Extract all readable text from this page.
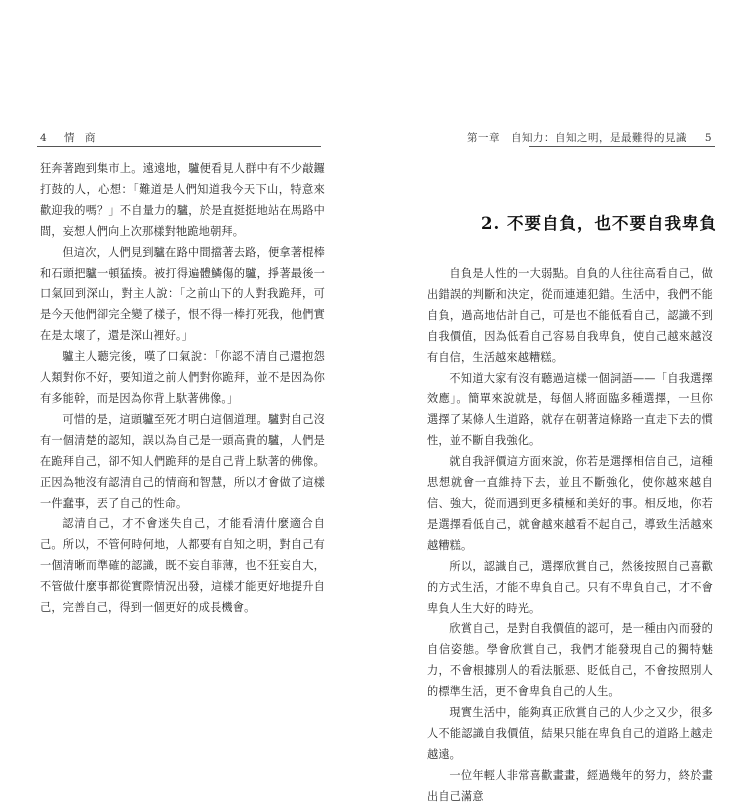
4 情　商

狂奔著跑到集市上。遠遠地，驢便看見人群中有不少敲鑼打鼓的人，心想：「難道是人們知道我今天下山，特意來歡迎我的嗎？」不自量力的驢，於是直挺挺地站在馬路中間，妄想人們向上次那樣對牠跪地朝拜。

但這次，人們見到驢在路中間擋著去路，便拿著棍棒和石頭把驢一頓猛揍。被打得遍體鱗傷的驢，掙著最後一口氣回到深山，對主人說：「之前山下的人對我跪拜，可是今天他們卻完全變了樣子，恨不得一棒打死我，他們實在是太壞了，還是深山裡好。」

驢主人聽完後，嘆了口氣說：「你認不清自己還抱怨人類對你不好，要知道之前人們對你跪拜，並不是因為你有多能幹，而是因為你背上馱著佛像。」

可惜的是，這頭驢至死才明白這個道理。驢對自己沒有一個清楚的認知，誤以為自己是一頭高貴的驢，人們是在跪拜自己，卻不知人們跪拜的是自己背上馱著的佛像。正因為牠沒有認清自己的情商和智慧，所以才會做了這樣一件蠢事，丟了自己的性命。

認清自己，才不會迷失自己，才能看清什麼適合自己。所以，不管何時何地，人都要有自知之明，對自己有一個清晰而準確的認識，既不妄自菲薄，也不狂妄自大，不管做什麼事都從實際情況出發，這樣才能更好地提升自己，完善自己，得到一個更好的成長機會。

第一章　自知力：自知之明，是最難得的見識 5
2. 不要自負，也不要自我卑負

自負是人性的一大弱點。自負的人往往高看自己，做出錯誤的判斷和決定，從而連連犯錯。生活中，我們不能自負，過高地估計自己，可是也不能低看自己，認識不到自我價值，因為低看自己容易自我卑負，使自己越來越沒有自信，生活越來越糟糕。

不知道大家有沒有聽過這樣一個詞語——「自我選擇效應」。簡單來說就是，每個人將面臨多種選擇，一旦你選擇了某條人生道路，就存在朝著這條路一直走下去的慣性，並不斷自我強化。

就自我評價這方面來說，你若是選擇相信自己，這種思想就會一直維持下去，並且不斷強化，使你越來越自信、強大，從而遇到更多積極和美好的事。相反地，你若是選擇看低自己，就會越來越看不起自己，導致生活越來越糟糕。

所以，認識自己，選擇欣賞自己，然後按照自己喜歡的方式生活，才能不卑負自己。只有不卑負自己，才不會卑負人生大好的時光。

欣賞自己，是對自我價值的認可，是一種由內而發的自信姿態。學會欣賞自己，我們才能發現自己的獨特魅力，不會根據別人的看法脈惡、貶低自己，不會按照別人的標準生活，更不會卑負自己的人生。

現實生活中，能夠真正欣賞自己的人少之又少，很多人不能認識自我價值，結果只能在卑負自己的道路上越走越遠。

一位年輕人非常喜歡畫畫，經過幾年的努力，終於畫出自己滿意
